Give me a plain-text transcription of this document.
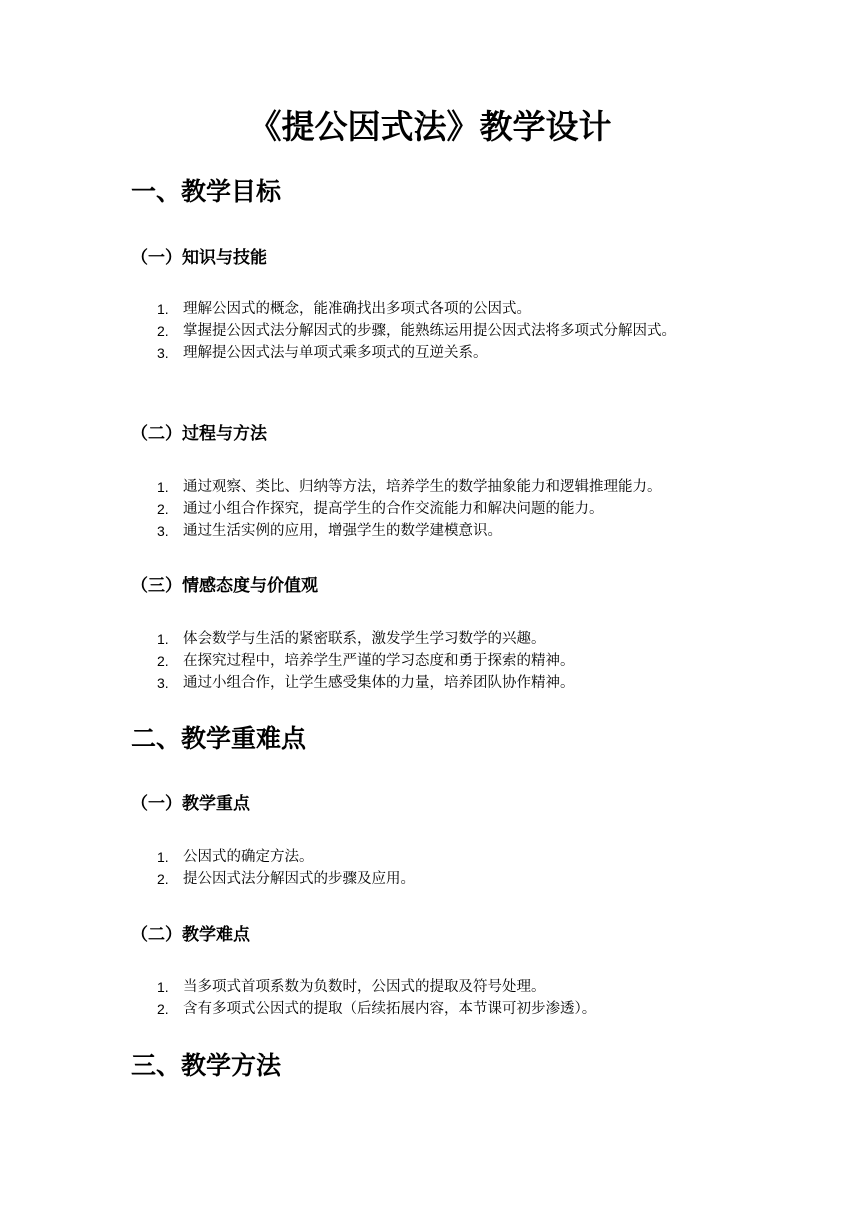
《提公因式法》教学设计
一、教学目标
（一）知识与技能
1. 理解公因式的概念，能准确找出多项式各项的公因式。
2. 掌握提公因式法分解因式的步骤，能熟练运用提公因式法将多项式分解因式。
3. 理解提公因式法与单项式乘多项式的互逆关系。
（二）过程与方法
1. 通过观察、类比、归纳等方法，培养学生的数学抽象能力和逻辑推理能力。
2. 通过小组合作探究，提高学生的合作交流能力和解决问题的能力。
3. 通过生活实例的应用，增强学生的数学建模意识。
（三）情感态度与价值观
1. 体会数学与生活的紧密联系，激发学生学习数学的兴趣。
2. 在探究过程中，培养学生严谨的学习态度和勇于探索的精神。
3. 通过小组合作，让学生感受集体的力量，培养团队协作精神。
二、教学重难点
（一）教学重点
1. 公因式的确定方法。
2. 提公因式法分解因式的步骤及应用。
（二）教学难点
1. 当多项式首项系数为负数时，公因式的提取及符号处理。
2. 含有多项式公因式的提取（后续拓展内容，本节课可初步渗透）。
三、教学方法
